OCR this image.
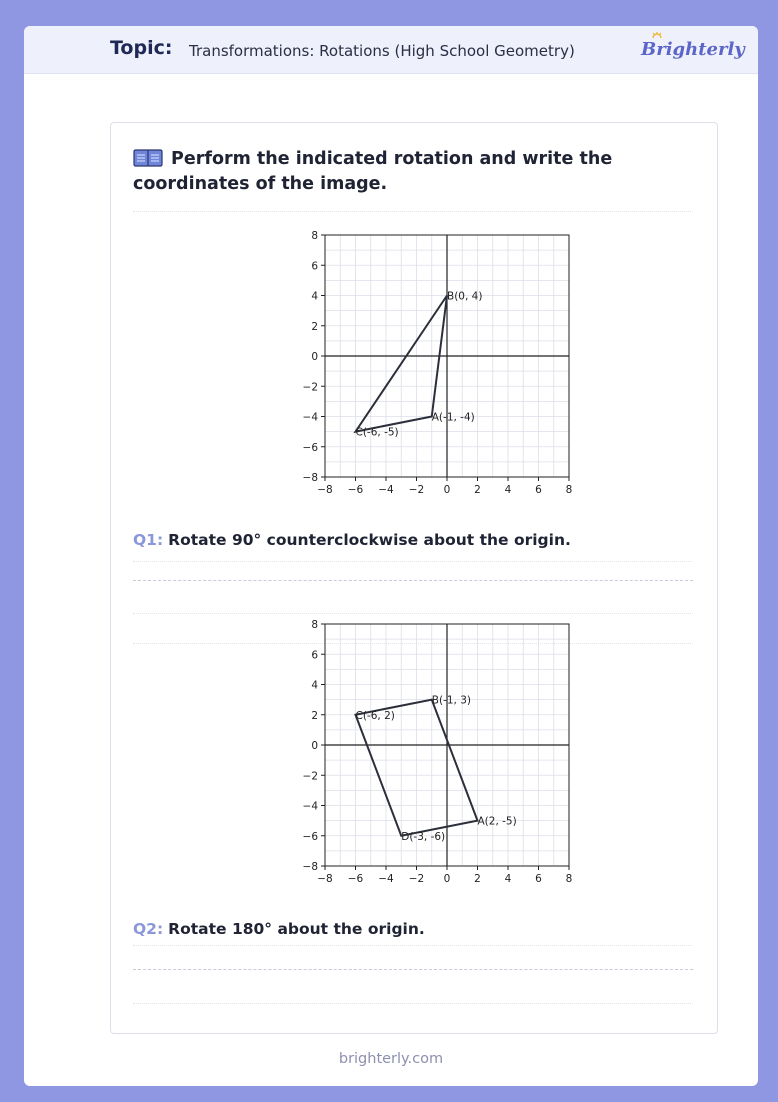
Topic: Transformations: Rotations (High School Geometry)	Brighterly
Perform the indicated rotation and write the coordinates of the image.
−8
−8
−6
−6
−4
−4
−2
−2
0
0
2
2
4
4
6
6
8
8
A(-1, -4)
B(0, 4)
C(-6, -5)
Q1: Rotate 90° counterclockwise about the origin.
−8
−8
−6
−6
−4
−4
−2
−2
0
0
2
2
4
4
6
6
8
8
A(2, -5)
B(-1, 3)
C(-6, 2)
D(-3, -6)
Q2: Rotate 180° about the origin.
brighterly.com
